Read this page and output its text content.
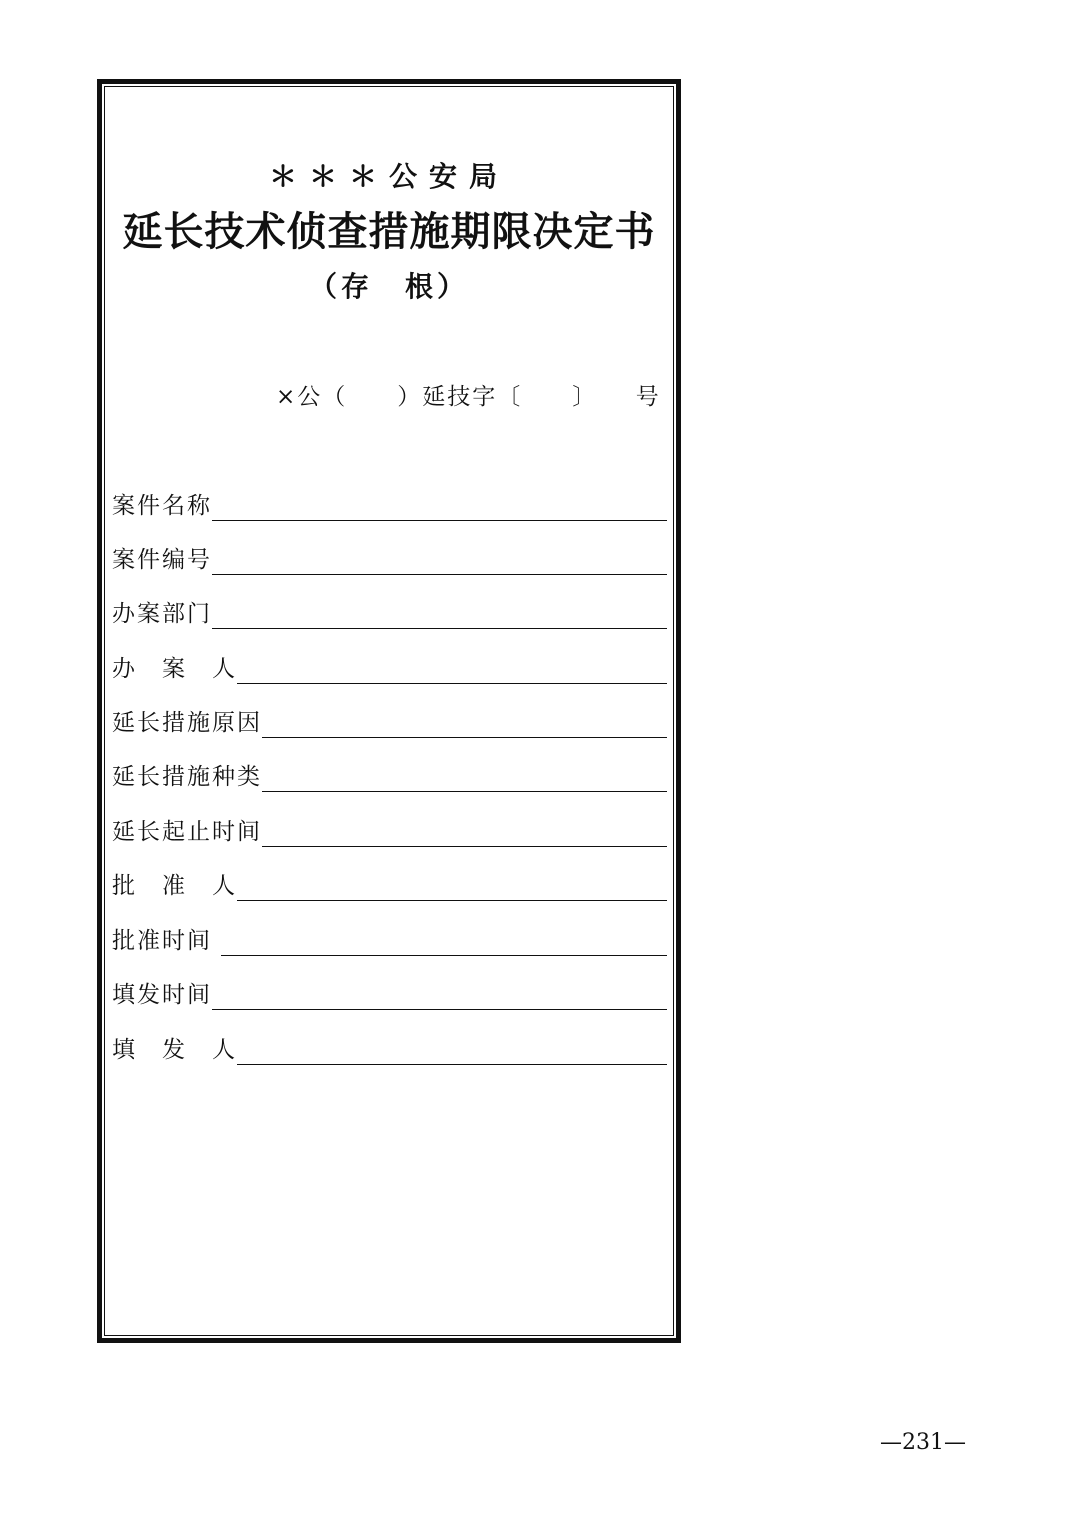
＊＊＊公安局
延长技术侦查措施期限决定书
（存　根）
×公（　　）延技字〔　　〕　　号
案件名称
案件编号
办案部门
办　案　人
延长措施原因
延长措施种类
延长起止时间
批　准　人
批准时间
填发时间
填　发　人
—231—
